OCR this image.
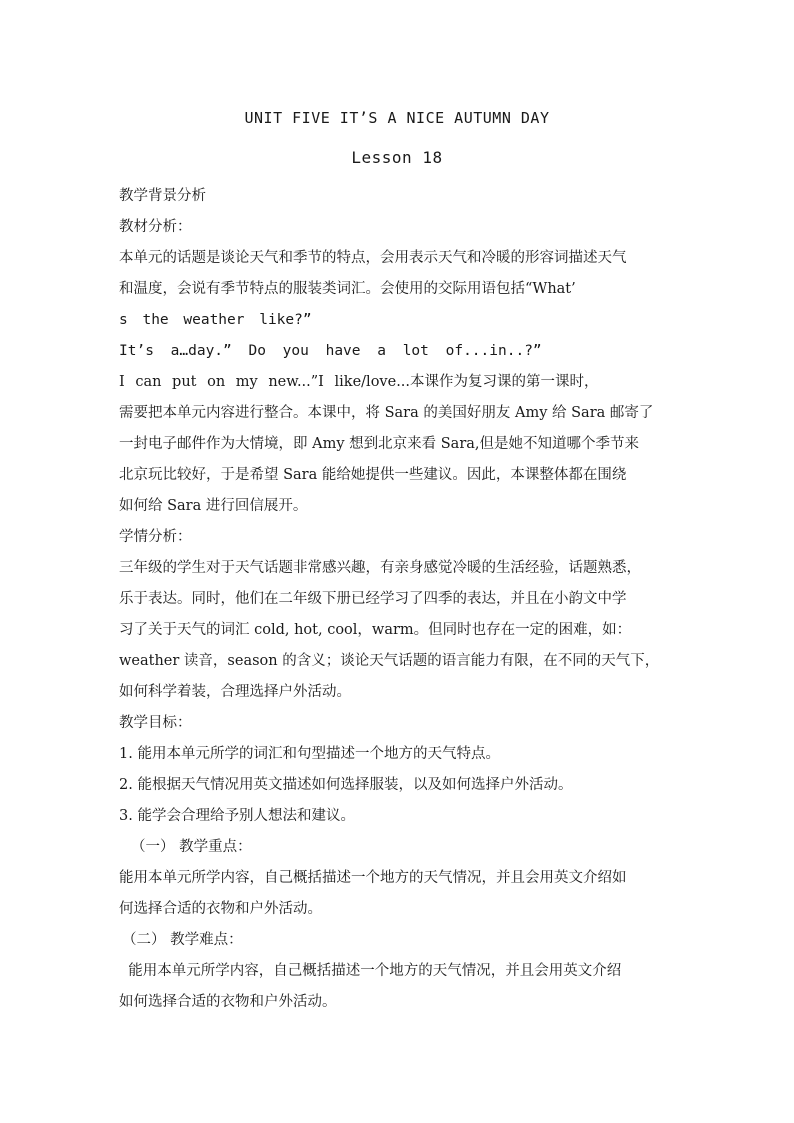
UNIT FIVE IT’S A NICE AUTUMN DAY
Lesson 18
教学背景分析
教材分析：
本单元的话题是谈论天气和季节的特点，会用表示天气和冷暖的形容词描述天气
和温度，会说有季节特点的服装类词汇。会使用的交际用语包括“What’
s the weather like?”
It’s a…day.” Do you have a lot of...in..?”
I can put on my new...”I like/love...本课作为复习课的第一课时，
需要把本单元内容进行整合。本课中，将 Sara 的美国好朋友 Amy 给 Sara 邮寄了
一封电子邮件作为大情境，即 Amy 想到北京来看 Sara,但是她不知道哪个季节来
北京玩比较好，于是希望 Sara 能给她提供一些建议。因此，本课整体都在围绕
如何给 Sara 进行回信展开。
学情分析：
三年级的学生对于天气话题非常感兴趣，有亲身感觉冷暖的生活经验，话题熟悉，
乐于表达。同时，他们在二年级下册已经学习了四季的表达，并且在小韵文中学
习了关于天气的词汇 cold, hot, cool，warm。但同时也存在一定的困难，如：
weather 读音，season 的含义；谈论天气话题的语言能力有限，在不同的天气下，
如何科学着装，合理选择户外活动。
教学目标：
1. 能用本单元所学的词汇和句型描述一个地方的天气特点。
2. 能根据天气情况用英文描述如何选择服装，以及如何选择户外活动。
3. 能学会合理给予别人想法和建议。
（一） 教学重点：
能用本单元所学内容，自己概括描述一个地方的天气情况，并且会用英文介绍如
何选择合适的衣物和户外活动。
（二） 教学难点：
能用本单元所学内容，自己概括描述一个地方的天气情况，并且会用英文介绍
如何选择合适的衣物和户外活动。
